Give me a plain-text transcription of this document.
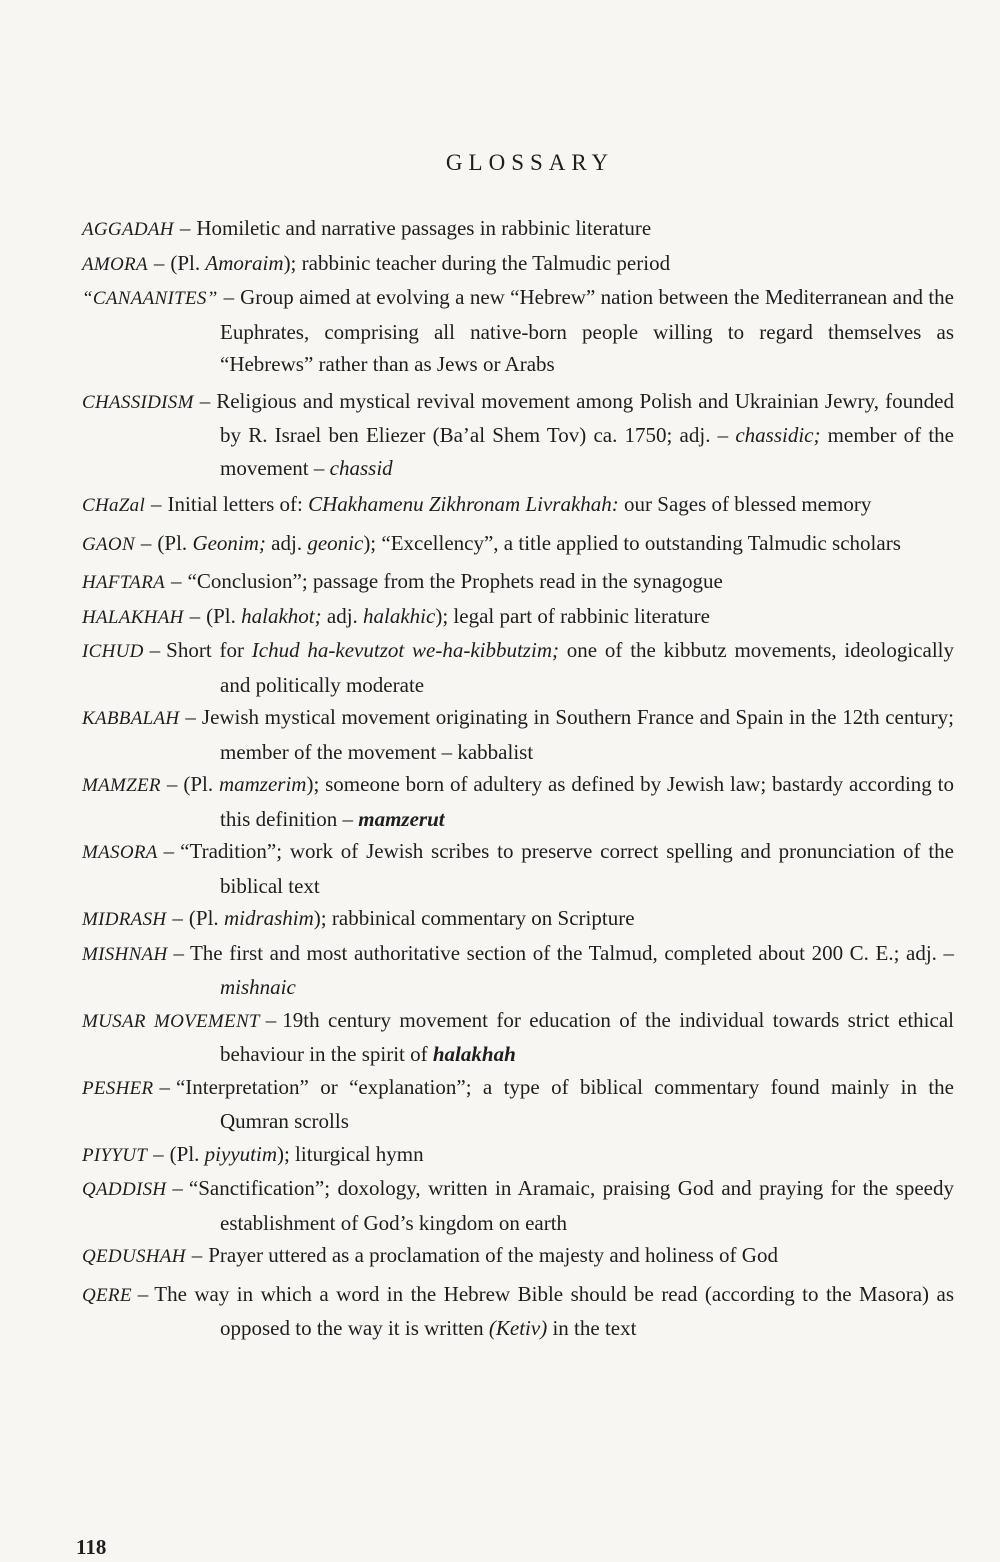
GLOSSARY
AGGADAH – Homiletic and narrative passages in rabbinic literature
AMORA – (Pl. Amoraim); rabbinic teacher during the Talmudic period
“CANAANITES” – Group aimed at evolving a new “Hebrew” nation between the Mediterranean and the Euphrates, comprising all native-born people willing to regard themselves as “Hebrews” rather than as Jews or Arabs
CHASSIDISM – Religious and mystical revival movement among Polish and Ukrainian Jewry, founded by R. Israel ben Eliezer (Ba’al Shem Tov) ca. 1750; adj. – chassidic; member of the movement – chassid
CHaZal – Initial letters of: CHakhamenu Zikhronam Livrakhah: our Sages of blessed memory
GAON – (Pl. Geonim; adj. geonic); “Excellency”, a title applied to outstanding Talmudic scholars
HAFTARA – “Conclusion”; passage from the Prophets read in the synagogue
HALAKHAH – (Pl. halakhot; adj. halakhic); legal part of rabbinic literature
ICHUD – Short for Ichud ha-kevutzot we-ha-kibbutzim; one of the kibbutz movements, ideologically and politically moderate
KABBALAH – Jewish mystical movement originating in Southern France and Spain in the 12th century; member of the movement – kabbalist
MAMZER – (Pl. mamzerim); someone born of adultery as defined by Jewish law; bastardy according to this definition – mamzerut
MASORA – “Tradition”; work of Jewish scribes to preserve correct spelling and pronunciation of the biblical text
MIDRASH – (Pl. midrashim); rabbinical commentary on Scripture
MISHNAH – The first and most authoritative section of the Talmud, completed about 200 C. E.; adj. – mishnaic
MUSAR MOVEMENT – 19th century movement for education of the individual towards strict ethical behaviour in the spirit of halakhah
PESHER – “Interpretation” or “explanation”; a type of biblical commentary found mainly in the Qumran scrolls
PIYYUT – (Pl. piyyutim); liturgical hymn
QADDISH – “Sanctification”; doxology, written in Aramaic, praising God and praying for the speedy establishment of God’s kingdom on earth
QEDUSHAH – Prayer uttered as a proclamation of the majesty and holiness of God
QERE – The way in which a word in the Hebrew Bible should be read (according to the Masora) as opposed to the way it is written (Ketiv) in the text
118
